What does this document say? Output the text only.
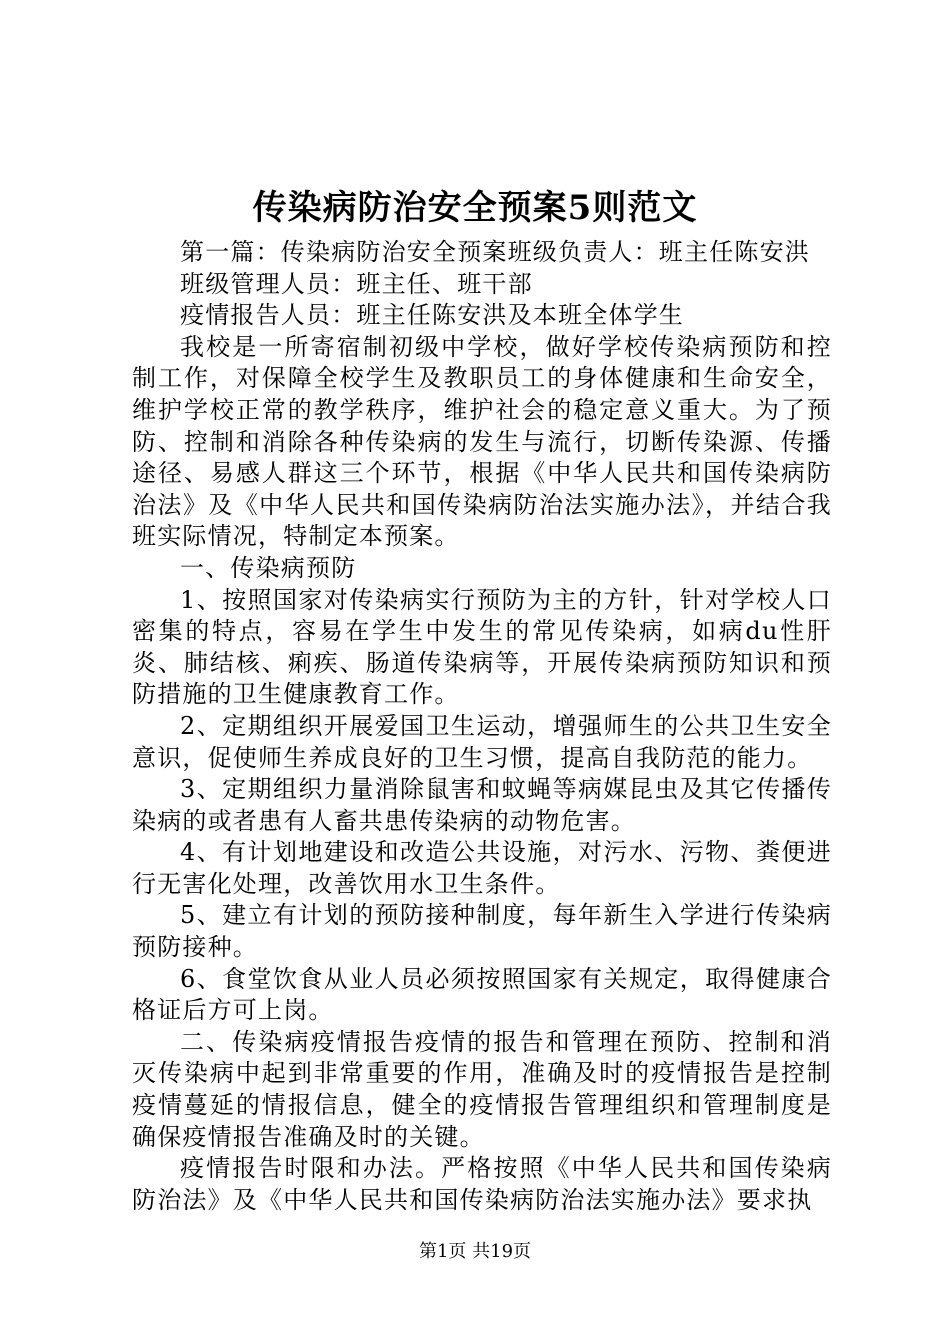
传染病防治安全预案5则范文

第一篇：传染病防治安全预案班级负责人：班主任陈安洪

班级管理人员：班主任、班干部

疫情报告人员：班主任陈安洪及本班全体学生

我校是一所寄宿制初级中学校，做好学校传染病预防和控制工作，对保障全校学生及教职员工的身体健康和生命安全，维护学校正常的教学秩序，维护社会的稳定意义重大。为了预防、控制和消除各种传染病的发生与流行，切断传染源、传播途径、易感人群这三个环节，根据《中华人民共和国传染病防治法》及《中华人民共和国传染病防治法实施办法》，并结合我班实际情况，特制定本预案。

一、传染病预防

1、按照国家对传染病实行预防为主的方针，针对学校人口密集的特点，容易在学生中发生的常见传染病，如病du性肝炎、肺结核、痢疾、肠道传染病等，开展传染病预防知识和预防措施的卫生健康教育工作。

2、定期组织开展爱国卫生运动，增强师生的公共卫生安全意识，促使师生养成良好的卫生习惯，提高自我防范的能力。

3、定期组织力量消除鼠害和蚊蝇等病媒昆虫及其它传播传染病的或者患有人畜共患传染病的动物危害。

4、有计划地建设和改造公共设施，对污水、污物、粪便进行无害化处理，改善饮用水卫生条件。

5、建立有计划的预防接种制度，每年新生入学进行传染病预防接种。

6、食堂饮食从业人员必须按照国家有关规定，取得健康合格证后方可上岗。

二、传染病疫情报告疫情的报告和管理在预防、控制和消灭传染病中起到非常重要的作用，准确及时的疫情报告是控制疫情蔓延的情报信息，健全的疫情报告管理组织和管理制度是确保疫情报告准确及时的关键。

疫情报告时限和办法。严格按照《中华人民共和国传染病防治法》及《中华人民共和国传染病防治法实施办法》要求执

第1页 共19页
